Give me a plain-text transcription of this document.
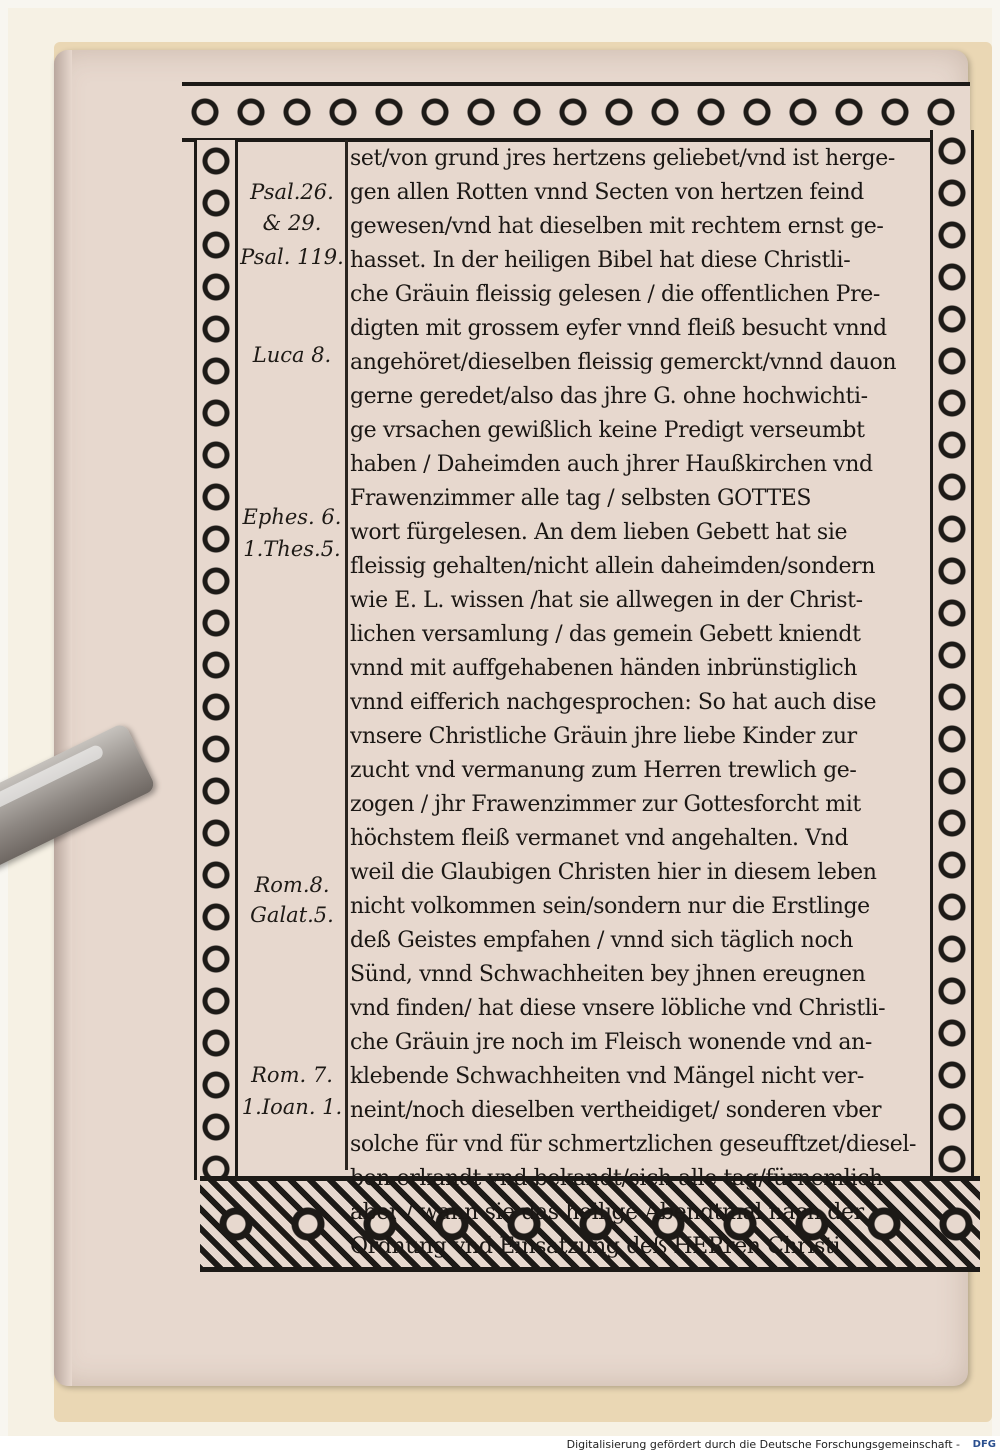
Psal.26.
& 29.
Psal. 119.
Luca 8.
Ephes. 6.
1.Thes.5.
Rom.8.
Galat.5.
Rom. 7.
1.Ioan. 1.
set/von grund jres hertzens geliebet/vnd ist herge-
gen allen Rotten vnnd Secten von hertzen feind
gewesen/vnd hat dieselben mit rechtem ernst ge-
hasset. In der heiligen Bibel hat diese Christli-
che Gräuin fleissig gelesen / die offentlichen Pre-
digten mit grossem eyfer vnnd fleiß besucht vnnd
angehöret/dieselben fleissig gemerckt/vnnd dauon
gerne geredet/also das jhre G. ohne hochwichti-
ge vrsachen gewißlich keine Predigt verseumbt
haben / Daheimden auch jhrer Haußkirchen vnd
Frawenzimmer alle tag / selbsten GOTTES
wort fürgelesen. An dem lieben Gebett hat sie
fleissig gehalten/nicht allein daheimden/sondern
wie E. L. wissen /hat sie allwegen in der Christ-
lichen versamlung / das gemein Gebett kniendt
vnnd mit auffgehabenen händen inbrünstiglich
vnnd eifferich nachgesprochen: So hat auch dise
vnsere Christliche Gräuin jhre liebe Kinder zur
zucht vnd vermanung zum Herren trewlich ge-
zogen / jhr Frawenzimmer zur Gottesforcht mit
höchstem fleiß vermanet vnd angehalten. Vnd
weil die Glaubigen Christen hier in diesem leben
nicht volkommen sein/sondern nur die Erstlinge
deß Geistes empfahen / vnnd sich täglich noch
Sünd, vnnd Schwachheiten bey jhnen ereugnen
vnd finden/ hat diese vnsere löbliche vnd Christli-
che Gräuin jre noch im Fleisch wonende vnd an-
klebende Schwachheiten vnd Mängel nicht ver-
neint/noch dieselben vertheidiget/ sonderen vber
solche für vnd für schmertzlichen geseufftzet/diesel-
ben erkandt vnd bekandt/sich alle tag/fürnemlich
aber / wann sie das heilige Abendtmal nach der
Ordnung vnd Einsatzung deß HERren Christi
Digitalisierung gefördert durch die Deutsche Forschungsgemeinschaft - DFG
